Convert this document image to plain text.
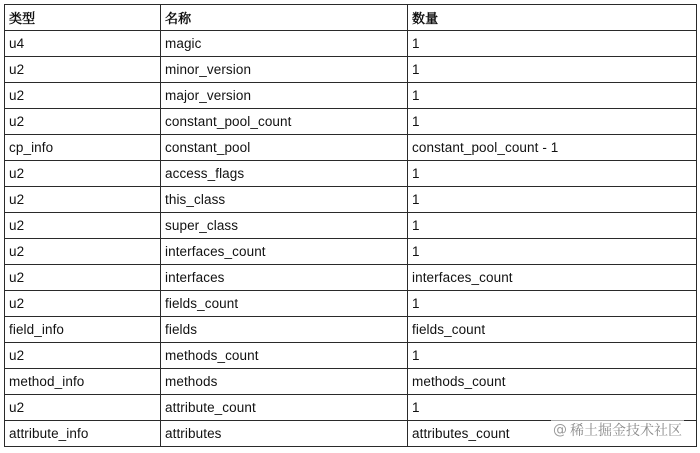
类型	名称	数量
u4	magic	1
u2	minor_version	1
u2	major_version	1
u2	constant_pool_count	1
cp_info	constant_pool	constant_pool_count - 1
u2	access_flags	1
u2	this_class	1
u2	super_class	1
u2	interfaces_count	1
u2	interfaces	interfaces_count
u2	fields_count	1
field_info	fields	fields_count
u2	methods_count	1
method_info	methods	methods_count
u2	attribute_count	1
attribute_info	attributes	attributes_count	@ 稀土掘金技术社区
